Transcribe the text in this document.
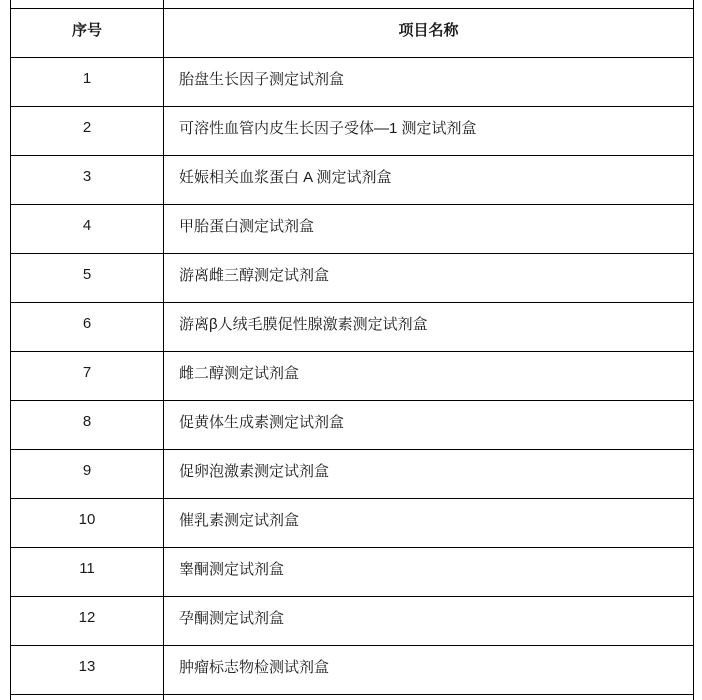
序号	项目名称
1	胎盘生长因子测定试剂盒
2	可溶性血管内皮生长因子受体—1 测定试剂盒
3	妊娠相关血浆蛋白 A 测定试剂盒
4	甲胎蛋白测定试剂盒
5	游离雌三醇测定试剂盒
6	游离β人绒毛膜促性腺激素测定试剂盒
7	雌二醇测定试剂盒
8	促黄体生成素测定试剂盒
9	促卵泡激素测定试剂盒
10	催乳素测定试剂盒
11	睾酮测定试剂盒
12	孕酮测定试剂盒
13	肿瘤标志物检测试剂盒
